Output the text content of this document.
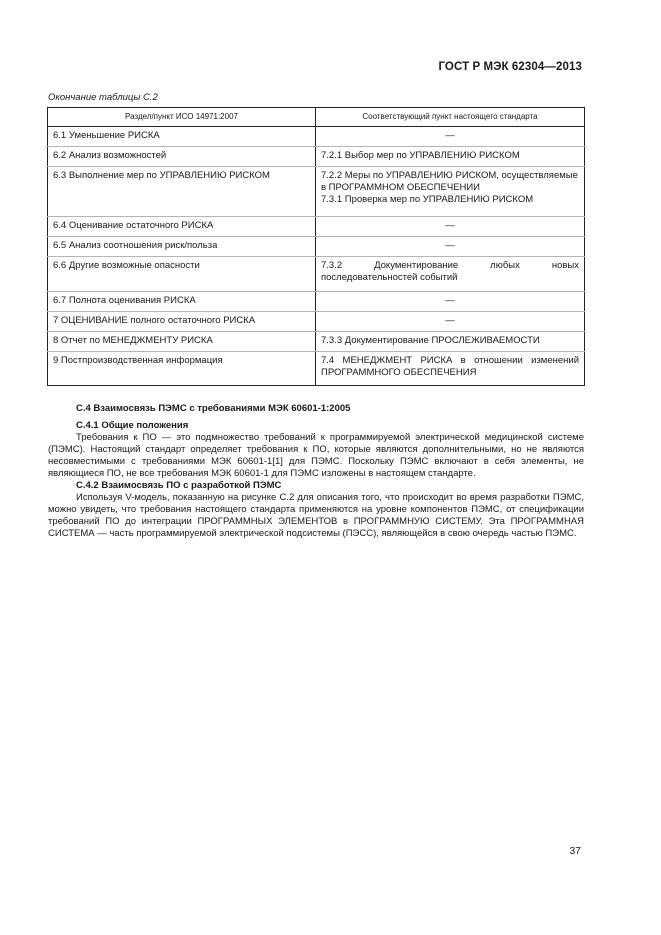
ГОСТ Р МЭК 62304—2013
Окончание таблицы С.2
Раздел/пункт ИСО 14971:2007	Соответствующий пункт настоящего стандарта
6.1 Уменьшение РИСКА	—
6.2 Анализ возможностей	7.2.1 Выбор мер по УПРАВЛЕНИЮ РИСКОМ
6.3 Выполнение мер по УПРАВЛЕНИЮ РИСКОМ	7.2.2 Меры по УПРАВЛЕНИЮ РИСКОМ, осуществляемые в ПРОГРАММНОМ ОБЕСПЕЧЕНИИ
7.3.1 Проверка мер по УПРАВЛЕНИЮ РИСКОМ

6.4 Оценивание остаточного РИСКА	—
6.5 Анализ соотношения риск/польза	—
6.6 Другие возможные опасности	7.3.2 Документирование любых новых последовательностей событий
6.7 Полнота оценивания РИСКА	—
7 ОЦЕНИВАНИЕ полного остаточного РИСКА	—
8 Отчет по МЕНЕДЖМЕНТУ РИСКА	7.3.3 Документирование ПРОСЛЕЖИВАЕМОСТИ
9 Постпроизводственная информация	7.4 МЕНЕДЖМЕНТ РИСКА в отношении изменений ПРОГРАММНОГО ОБЕСПЕЧЕНИЯ
С.4 Взаимосвязь ПЭМС с требованиями МЭК 60601-1:2005
С.4.1 Общие положения

Требования к ПО — это подмножество требований к программируемой электрической медицинской системе (ПЭМС). Настоящий стандарт определяет требования к ПО, которые являются дополнительными, но не являются несовместимыми с требованиями МЭК 60601-1[1] для ПЭМС. Поскольку ПЭМС включают в себя элементы, не являющиеся ПО, не все требования МЭК 60601-1 для ПЭМС изложены в настоящем стандарте.

С.4.2 Взаимосвязь ПО с разработкой ПЭМС

Используя V-модель, показанную на рисунке С.2 для описания того, что происходит во время разработки ПЭМС, можно увидеть, что требования настоящего стандарта применяются на уровне компонентов ПЭМС, от спецификации требований ПО до интеграции ПРОГРАММНЫХ ЭЛЕМЕНТОВ в ПРОГРАММНУЮ СИСТЕМУ. Эта ПРОГРАММНАЯ СИСТЕМА — часть программируемой электрической подсистемы (ПЭСС), являющейся в свою очередь частью ПЭМС.

37
